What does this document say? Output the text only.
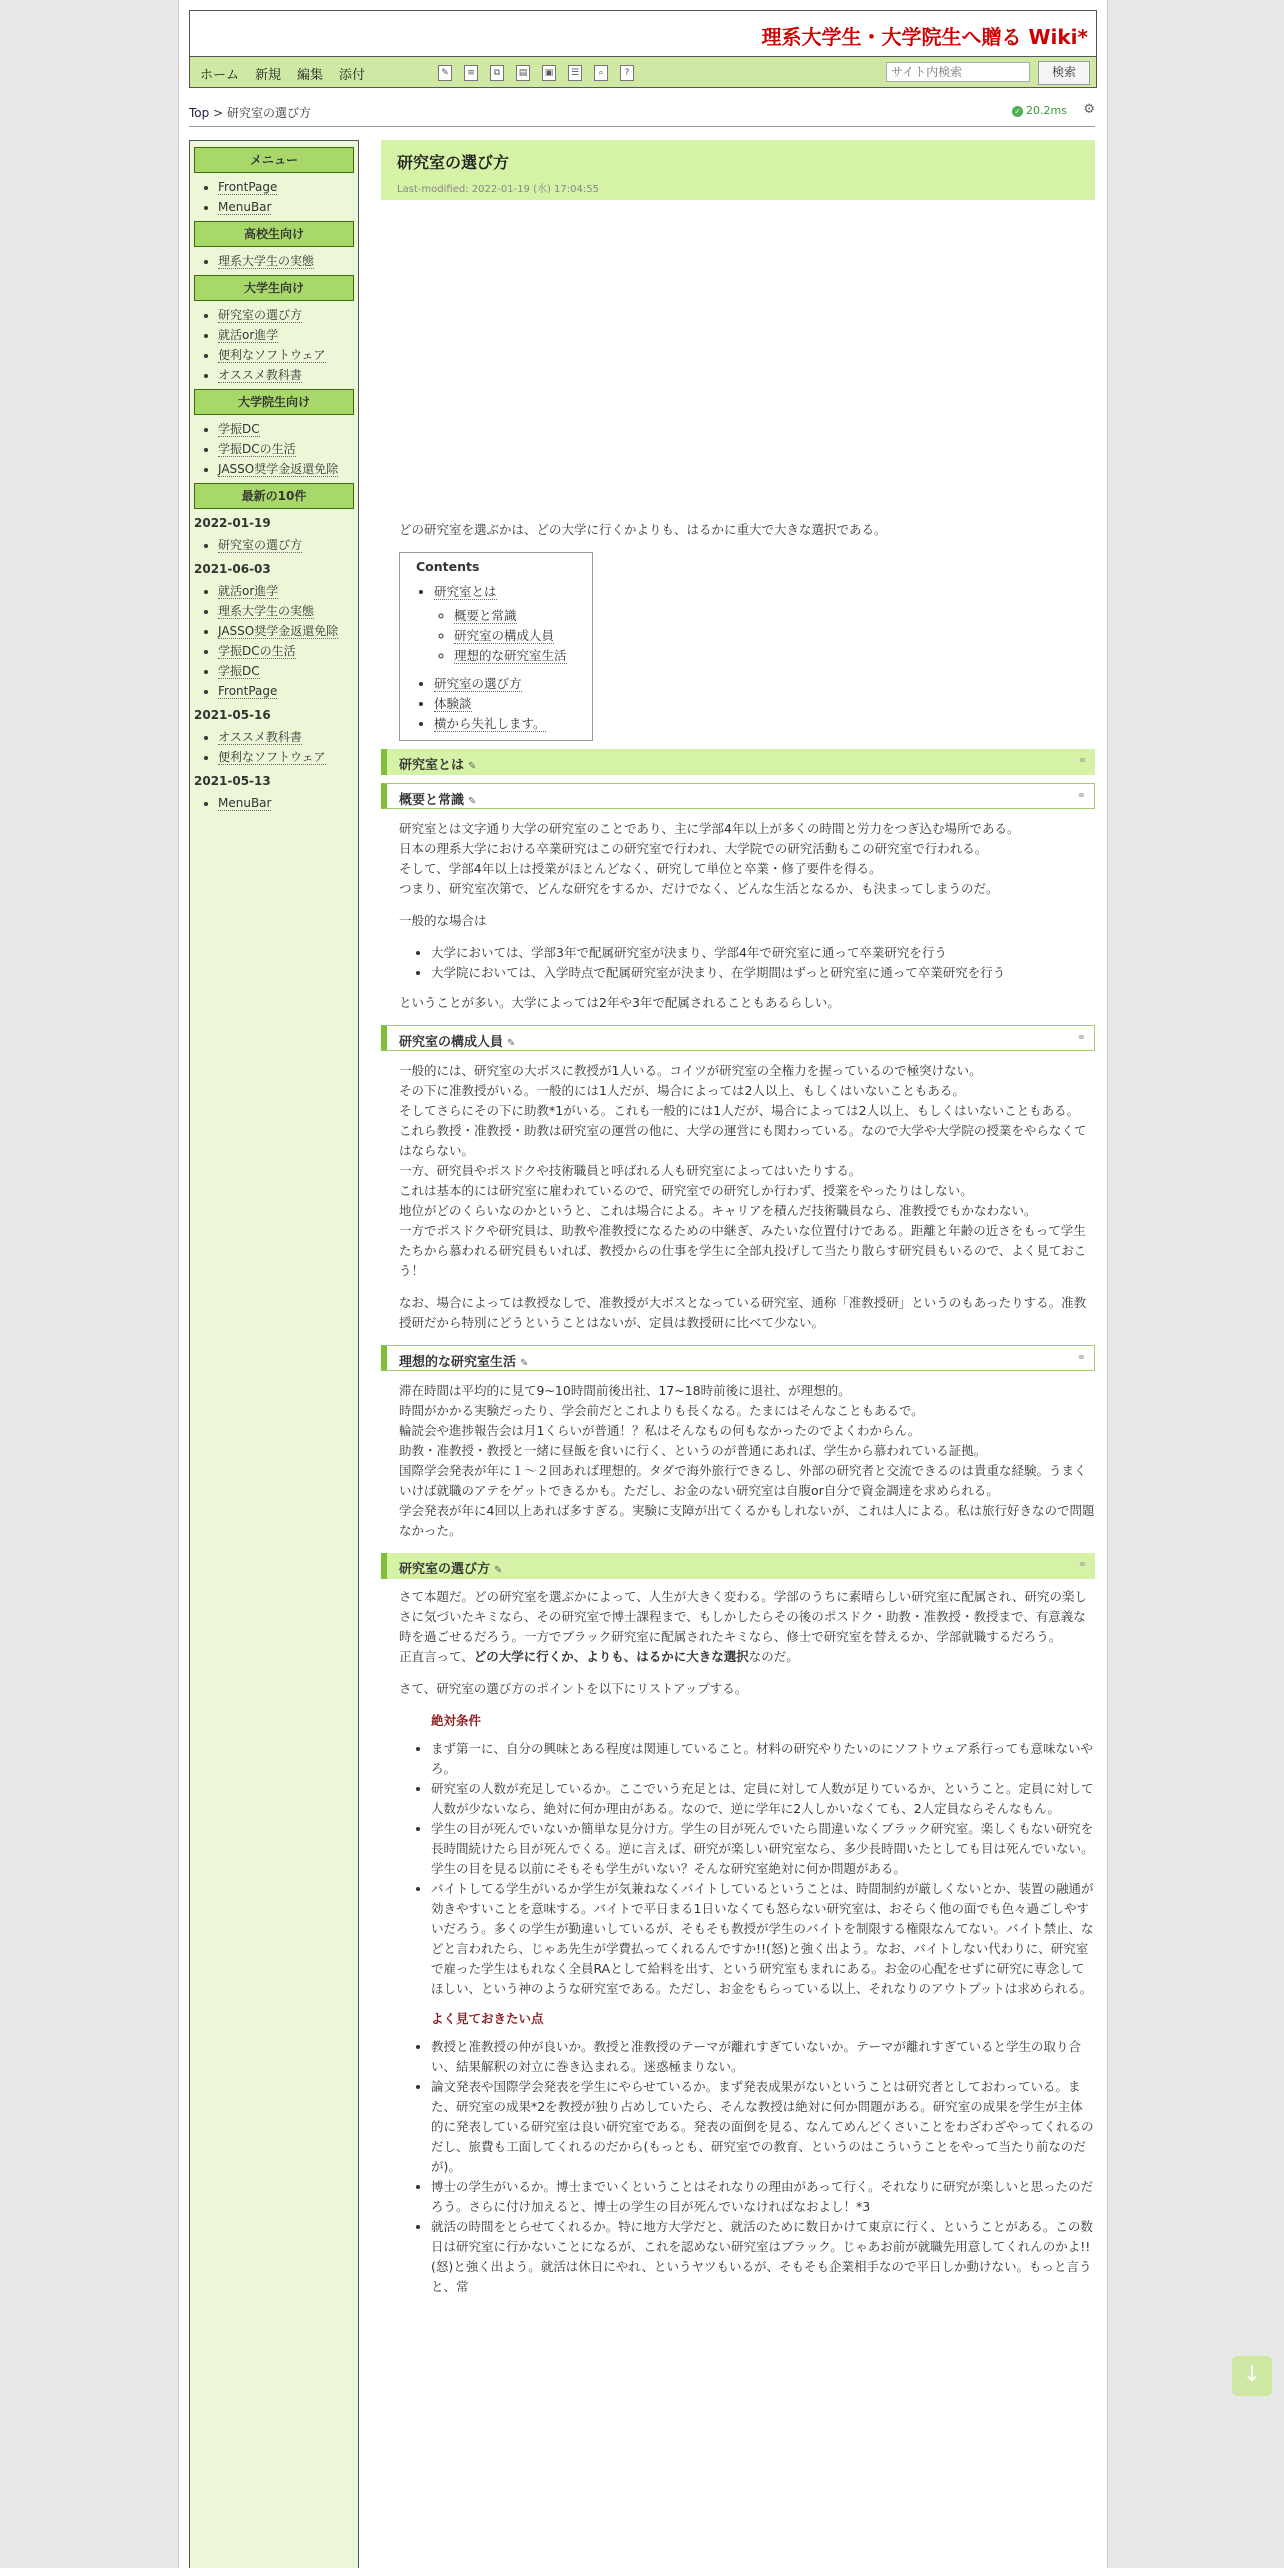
理系大学生・大学院生へ贈る Wiki*
ホーム 新規 編集 添付	✎	≡	⧉	▤	▣	☰	⌕	?
サイト内検索	検索
Top > 研究室の選び方	✓ 20.2ms ⚙
メニュー
• FrontPage
• MenuBar
高校生向け
• 理系大学生の実態
大学生向け
• 研究室の選び方
• 就活or進学
• 便利なソフトウェア
• オススメ教科書
大学院生向け
• 学振DC
• 学振DCの生活
• JASSO奨学金返還免除
最新の10件
2022-01-19
• 研究室の選び方
2021-06-03
• 就活or進学
• 理系大学生の実態
• JASSO奨学金返還免除
• 学振DCの生活
• 学振DC
• FrontPage
2021-05-16
• オススメ教科書
• 便利なソフトウェア
2021-05-13
• MenuBar
研究室の選び方
Last-modified: 2022-01-19 (水) 17:04:55

どの研究室を選ぶかは、どの大学に行くかよりも、はるかに重大で大きな選択である。

Contents
• 研究室とは
◦ 概要と常識
◦ 研究室の構成人員
◦ 理想的な研究室生活
• 研究室の選び方
• 体験談
• 横から失礼します。
研究室とは ✎	⚭
概要と常識 ✎	⚭

研究室とは文字通り大学の研究室のことであり、主に学部4年以上が多くの時間と労力をつぎ込む場所である。
日本の理系大学における卒業研究はこの研究室で行われ、大学院での研究活動もこの研究室で行われる。
そして、学部4年以上は授業がほとんどなく、研究して単位と卒業・修了要件を得る。
つまり、研究室次第で、どんな研究をするか、だけでなく、どんな生活となるか、も決まってしまうのだ。

一般的な場合は

• 大学においては、学部3年で配属研究室が決まり、学部4年で研究室に通って卒業研究を行う
• 大学院においては、入学時点で配属研究室が決まり、在学期間はずっと研究室に通って卒業研究を行う

ということが多い。大学によっては2年や3年で配属されることもあるらしい。

研究室の構成人員 ✎	⚭

一般的には、研究室の大ボスに教授が1人いる。コイツが研究室の全権力を握っているので極突けない。
その下に准教授がいる。一般的には1人だが、場合によっては2人以上、もしくはいないこともある。
そしてさらにその下に助教*1がいる。これも一般的には1人だが、場合によっては2人以上、もしくはいないこともある。
これら教授・准教授・助教は研究室の運営の他に、大学の運営にも関わっている。なので大学や大学院の授業をやらなくてはならない。
一方、研究員やポスドクや技術職員と呼ばれる人も研究室によってはいたりする。
これは基本的には研究室に雇われているので、研究室での研究しか行わず、授業をやったりはしない。
地位がどのくらいなのかというと、これは場合による。キャリアを積んだ技術職員なら、准教授でもかなわない。
一方でポスドクや研究員は、助教や准教授になるための中継ぎ、みたいな位置付けである。距離と年齢の近さをもって学生たちから慕われる研究員もいれば、教授からの仕事を学生に全部丸投げして当たり散らす研究員もいるので、よく見ておこう！

なお、場合によっては教授なしで、准教授が大ボスとなっている研究室、通称「准教授研」というのもあったりする。准教授研だから特別にどうということはないが、定員は教授研に比べて少ない。

理想的な研究室生活 ✎	⚭

滞在時間は平均的に見て9~10時間前後出社、17~18時前後に退社、が理想的。
時間がかかる実験だったり、学会前だとこれよりも長くなる。たまにはそんなこともあるで。
輪読会や進捗報告会は月1くらいが普通！？私はそんなもの何もなかったのでよくわからん。
助教・准教授・教授と一緒に昼飯を食いに行く、というのが普通にあれば、学生から慕われている証拠。
国際学会発表が年に１～２回あれば理想的。タダで海外旅行できるし、外部の研究者と交流できるのは貴重な経験。うまくいけば就職のアテをゲットできるかも。ただし、お金のない研究室は自腹or自分で資金調達を求められる。
学会発表が年に4回以上あれば多すぎる。実験に支障が出てくるかもしれないが、これは人による。私は旅行好きなので問題なかった。

研究室の選び方 ✎	⚭

さて本題だ。どの研究室を選ぶかによって、人生が大きく変わる。学部のうちに素晴らしい研究室に配属され、研究の楽しさに気づいたキミなら、その研究室で博士課程まで、もしかしたらその後のポスドク・助教・准教授・教授まで、有意義な時を過ごせるだろう。一方でブラック研究室に配属されたキミなら、修士で研究室を替えるか、学部就職するだろう。
正直言って、どの大学に行くか、よりも、はるかに大きな選択なのだ。

さて、研究室の選び方のポイントを以下にリストアップする。

絶対条件
• まず第一に、自分の興味とある程度は関連していること。材料の研究やりたいのにソフトウェア系行っても意味ないやろ。
• 研究室の人数が充足しているか。ここでいう充足とは、定員に対して人数が足りているか、ということ。定員に対して人数が少ないなら、絶対に何か理由がある。なので、逆に学年に2人しかいなくても、2人定員ならそんなもん。
• 学生の目が死んでいないか簡単な見分け方。学生の目が死んでいたら間違いなくブラック研究室。楽しくもない研究を長時間続けたら目が死んでくる。逆に言えば、研究が楽しい研究室なら、多少長時間いたとしても目は死んでいない。学生の目を見る以前にそもそも学生がいない？そんな研究室絶対に何か問題がある。
• バイトしてる学生がいるか学生が気兼ねなくバイトしているということは、時間制約が厳しくないとか、装置の融通が効きやすいことを意味する。バイトで平日まる1日いなくても怒らない研究室は、おそらく他の面でも色々過ごしやすいだろう。多くの学生が勤違いしているが、そもそも教授が学生のバイトを制限する権限なんてない。バイト禁止、などと言われたら、じゃあ先生が学費払ってくれるんですか!!(怒)と強く出よう。なお、バイトしない代わりに、研究室で雇った学生はもれなく全員RAとして給料を出す、という研究室もまれにある。お金の心配をせずに研究に専念してほしい、という神のような研究室である。ただし、お金をもらっている以上、それなりのアウトプットは求められる。
よく見ておきたい点
• 教授と准教授の仲が良いか。教授と准教授のテーマが離れすぎていないか。テーマが離れすぎていると学生の取り合い、結果解釈の対立に巻き込まれる。迷惑極まりない。
• 論文発表や国際学会発表を学生にやらせているか。まず発表成果がないということは研究者としておわっている。また、研究室の成果*2を教授が独り占めしていたら、そんな教授は絶対に何か問題がある。研究室の成果を学生が主体的に発表している研究室は良い研究室である。発表の面倒を見る、なんてめんどくさいことをわざわざやってくれるのだし、旅費も工面してくれるのだから(もっとも、研究室での教育、というのはこういうことをやって当たり前なのだが)。
• 博士の学生がいるか。博士までいくということはそれなりの理由があって行く。それなりに研究が楽しいと思ったのだろう。さらに付け加えると、博士の学生の目が死んでいなければなおよし！*3
• 就活の時間をとらせてくれるか。特に地方大学だと、就活のために数日かけて東京に行く、ということがある。この数日は研究室に行かないことになるが、これを認めない研究室はブラック。じゃあお前が就職先用意してくれんのかよ!!(怒)と強く出よう。就活は休日にやれ、というヤツもいるが、そもそも企業相手なので平日しか動けない。もっと言うと、常
↓
